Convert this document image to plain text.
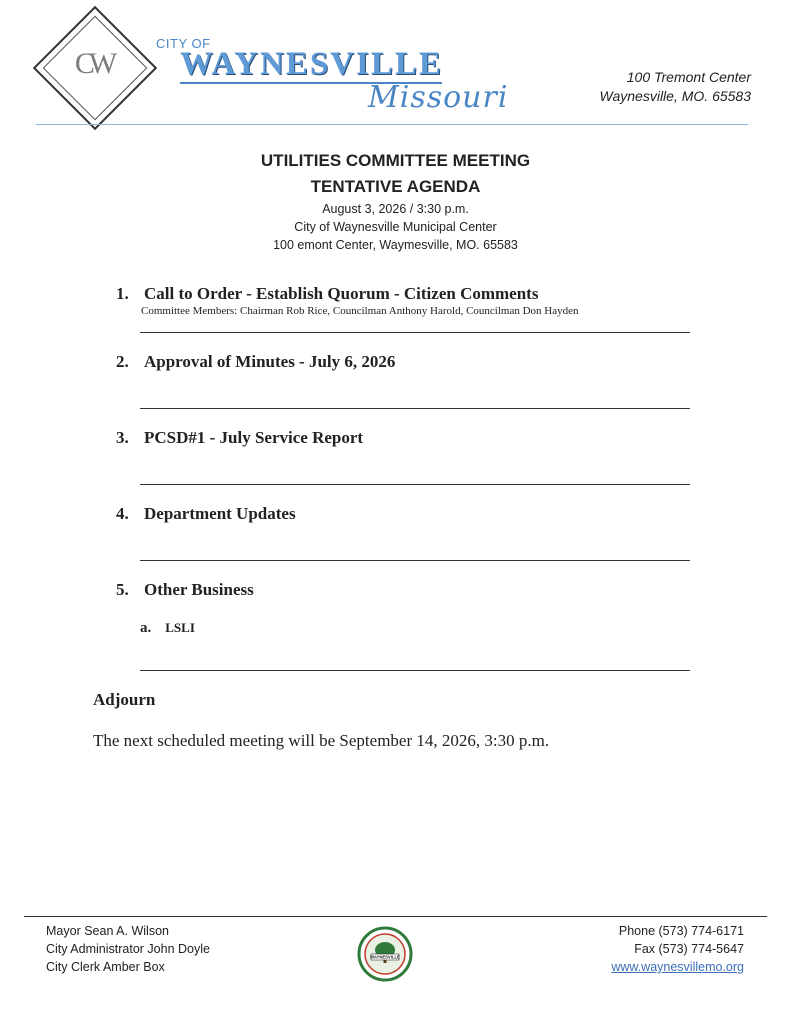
CW
CITY OF
WAYNESVILLE
Missouri
100 Tremont Center
Waynesville, MO. 65583
UTILITIES COMMITTEE MEETING
TENTATIVE AGENDA
August 3, 2026 / 3:30 p.m.
City of Waynesville Municipal Center
100 emont Center, Waymesville, MO. 65583
1. Call to Order - Establish Quorum - Citizen Comments
Committee Members: Chairman Rob Rice, Councilman Anthony Harold, Councilman Don Hayden
2. Approval of Minutes - July 6, 2026
3. PCSD#1 - July Service Report
4. Department Updates
5. Other Business
a. LSLI
Adjourn
The next scheduled meeting will be September 14, 2026, 3:30 p.m.
Mayor Sean A. Wilson
City Administrator John Doyle
City Clerk Amber Box
WAYNESVILLE
Phone (573) 774-6171
Fax (573) 774-5647
www.waynesvillemo.org
